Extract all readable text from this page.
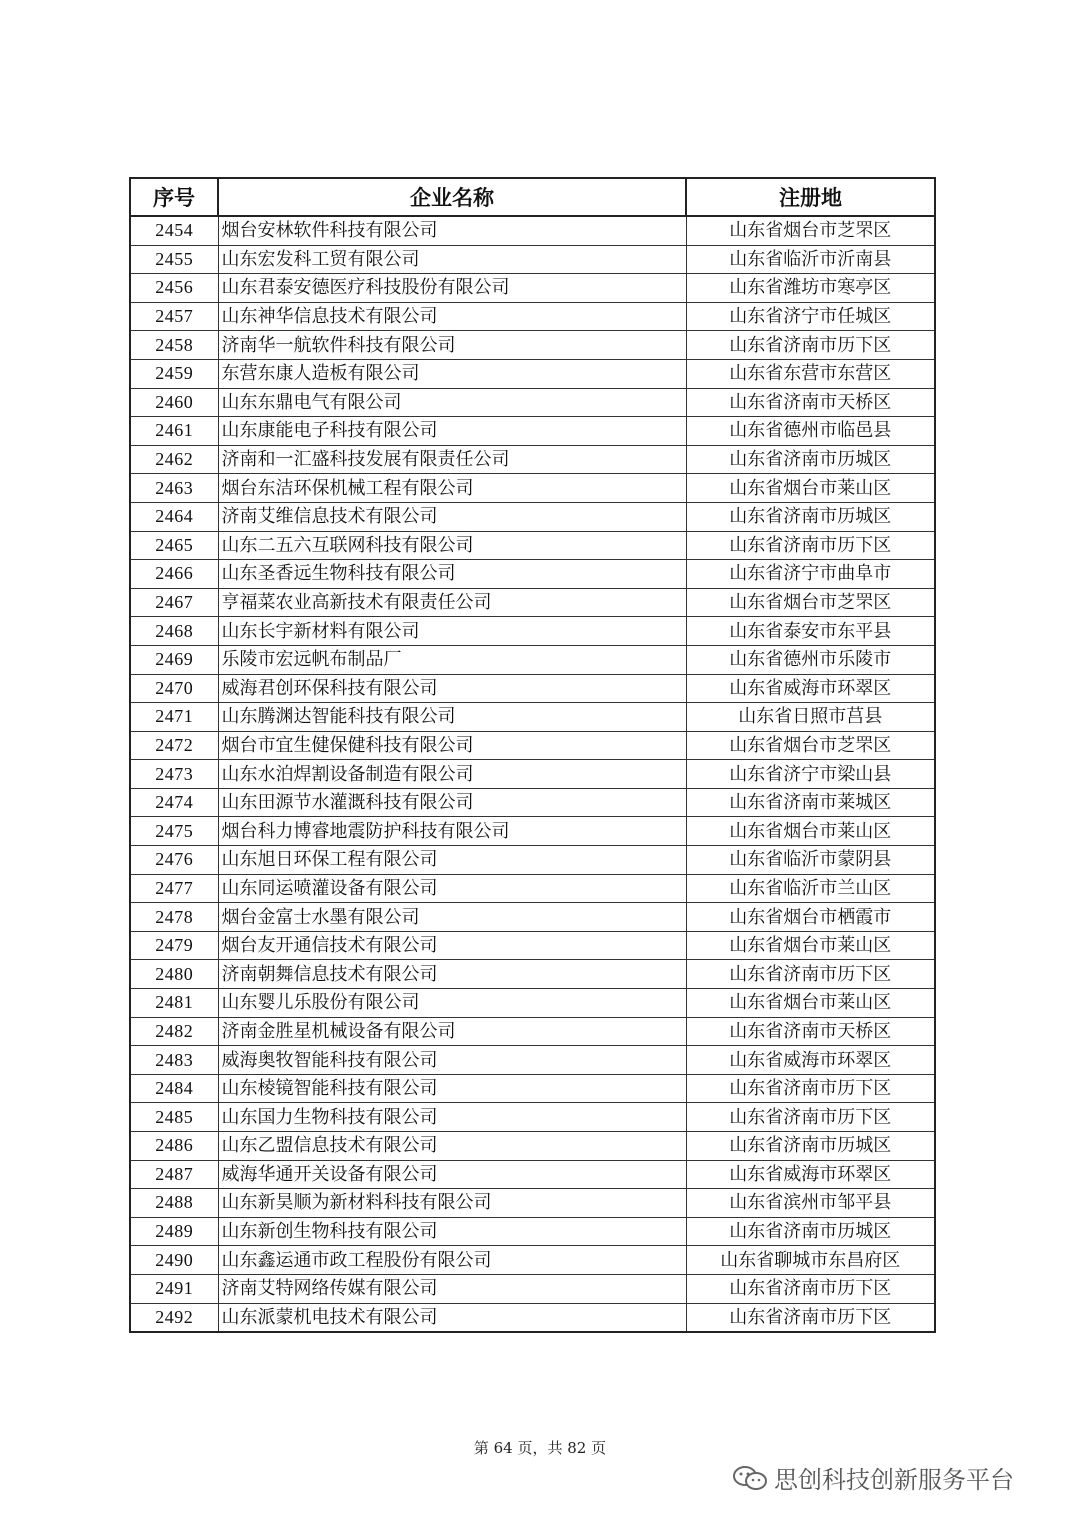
序号	企业名称	注册地
2454	烟台安林软件科技有限公司	山东省烟台市芝罘区
2455	山东宏发科工贸有限公司	山东省临沂市沂南县
2456	山东君泰安德医疗科技股份有限公司	山东省潍坊市寒亭区
2457	山东神华信息技术有限公司	山东省济宁市任城区
2458	济南华一航软件科技有限公司	山东省济南市历下区
2459	东营东康人造板有限公司	山东省东营市东营区
2460	山东东鼎电气有限公司	山东省济南市天桥区
2461	山东康能电子科技有限公司	山东省德州市临邑县
2462	济南和一汇盛科技发展有限责任公司	山东省济南市历城区
2463	烟台东洁环保机械工程有限公司	山东省烟台市莱山区
2464	济南艾维信息技术有限公司	山东省济南市历城区
2465	山东二五六互联网科技有限公司	山东省济南市历下区
2466	山东圣香远生物科技有限公司	山东省济宁市曲阜市
2467	亨福菜农业高新技术有限责任公司	山东省烟台市芝罘区
2468	山东长宇新材料有限公司	山东省泰安市东平县
2469	乐陵市宏远帆布制品厂	山东省德州市乐陵市
2470	威海君创环保科技有限公司	山东省威海市环翠区
2471	山东腾渊达智能科技有限公司	山东省日照市莒县
2472	烟台市宜生健保健科技有限公司	山东省烟台市芝罘区
2473	山东水泊焊割设备制造有限公司	山东省济宁市梁山县
2474	山东田源节水灌溉科技有限公司	山东省济南市莱城区
2475	烟台科力博睿地震防护科技有限公司	山东省烟台市莱山区
2476	山东旭日环保工程有限公司	山东省临沂市蒙阴县
2477	山东同运喷灌设备有限公司	山东省临沂市兰山区
2478	烟台金富士水墨有限公司	山东省烟台市栖霞市
2479	烟台友开通信技术有限公司	山东省烟台市莱山区
2480	济南朝舞信息技术有限公司	山东省济南市历下区
2481	山东婴儿乐股份有限公司	山东省烟台市莱山区
2482	济南金胜星机械设备有限公司	山东省济南市天桥区
2483	威海奥牧智能科技有限公司	山东省威海市环翠区
2484	山东棱镜智能科技有限公司	山东省济南市历下区
2485	山东国力生物科技有限公司	山东省济南市历下区
2486	山东乙盟信息技术有限公司	山东省济南市历城区
2487	威海华通开关设备有限公司	山东省威海市环翠区
2488	山东新昊顺为新材料科技有限公司	山东省滨州市邹平县
2489	山东新创生物科技有限公司	山东省济南市历城区
2490	山东鑫运通市政工程股份有限公司	山东省聊城市东昌府区
2491	济南艾特网络传媒有限公司	山东省济南市历下区
2492	山东派蒙机电技术有限公司	山东省济南市历下区
第 64 页，共 82 页
思创科技创新服务平台
